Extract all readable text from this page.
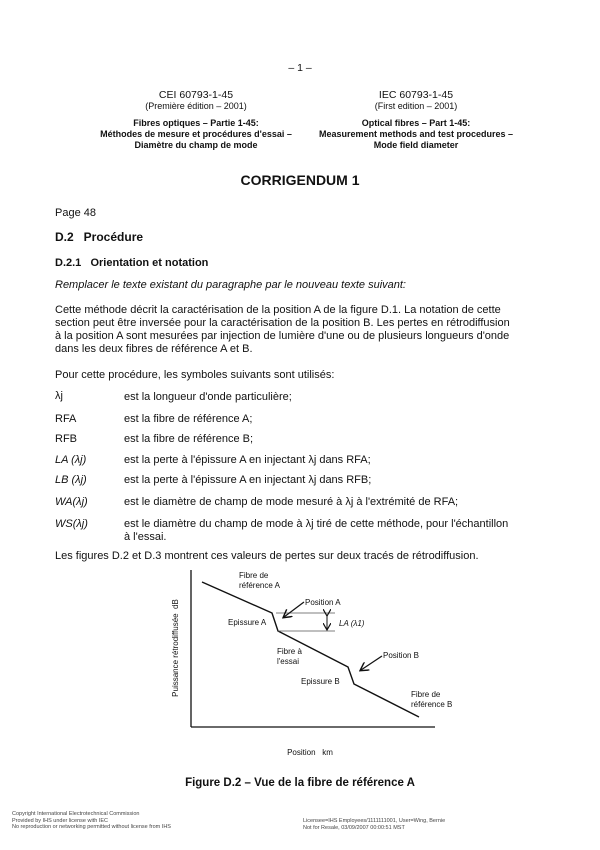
– 1 –
CEI 60793-1-45
(Première édition – 2001)
Fibres optiques – Partie 1-45:
Méthodes de mesure et procédures d'essai –
Diamètre du champ de mode
IEC 60793-1-45
(First edition – 2001)
Optical fibres – Part 1-45:
Measurement methods and test procedures –
Mode field diameter
CORRIGENDUM 1
Page 48
D.2   Procédure
D.2.1   Orientation et notation
Remplacer le texte existant du paragraphe par le nouveau texte suivant:
Cette méthode décrit la caractérisation de la position A de la figure D.1. La notation de cette
section peut être inversée pour la caractérisation de la position B. Les pertes en rétrodiffusion
à la position A sont mesurées par injection de lumière d'une ou de plusieurs longueurs d'onde
dans les deux fibres de référence A et B.
Pour cette procédure, les symboles suivants sont utilisés:
λj	est la longueur d'onde particulière;
RFA	est la fibre de référence A;
RFB	est la fibre de référence B;
LA (λj)	est la perte à l'épissure A en injectant λj dans RFA;
LB (λj)	est la perte à l'épissure A en injectant λj dans RFB;
WA(λj)	est le diamètre de champ de mode mesuré à λj à l'extrémité de RFA;
WS(λj)	est le diamètre du champ de mode à λj tiré de cette méthode, pour l'échantillon
à l'essai.
Les figures D.2 et D.3 montrent ces valeurs de pertes sur deux tracés de rétrodiffusion.
Fibre de
référence A
Position A
Epissure A	LA (λ1)
Fibre à
l'essai
Position B
Epissure B
Fibre de
référence B
Puissance rétrodiffusée  dB
Position   km
Figure D.2 – Vue de la fibre de référence A
Copyright International Electrotechnical Commission
Provided by IHS under license with IEC
No reproduction or networking permitted without license from IHS
Licensee=IHS Employees/1111111001, User=Wing, Bernie
Not for Resale, 03/09/2007 00:00:51 MST
